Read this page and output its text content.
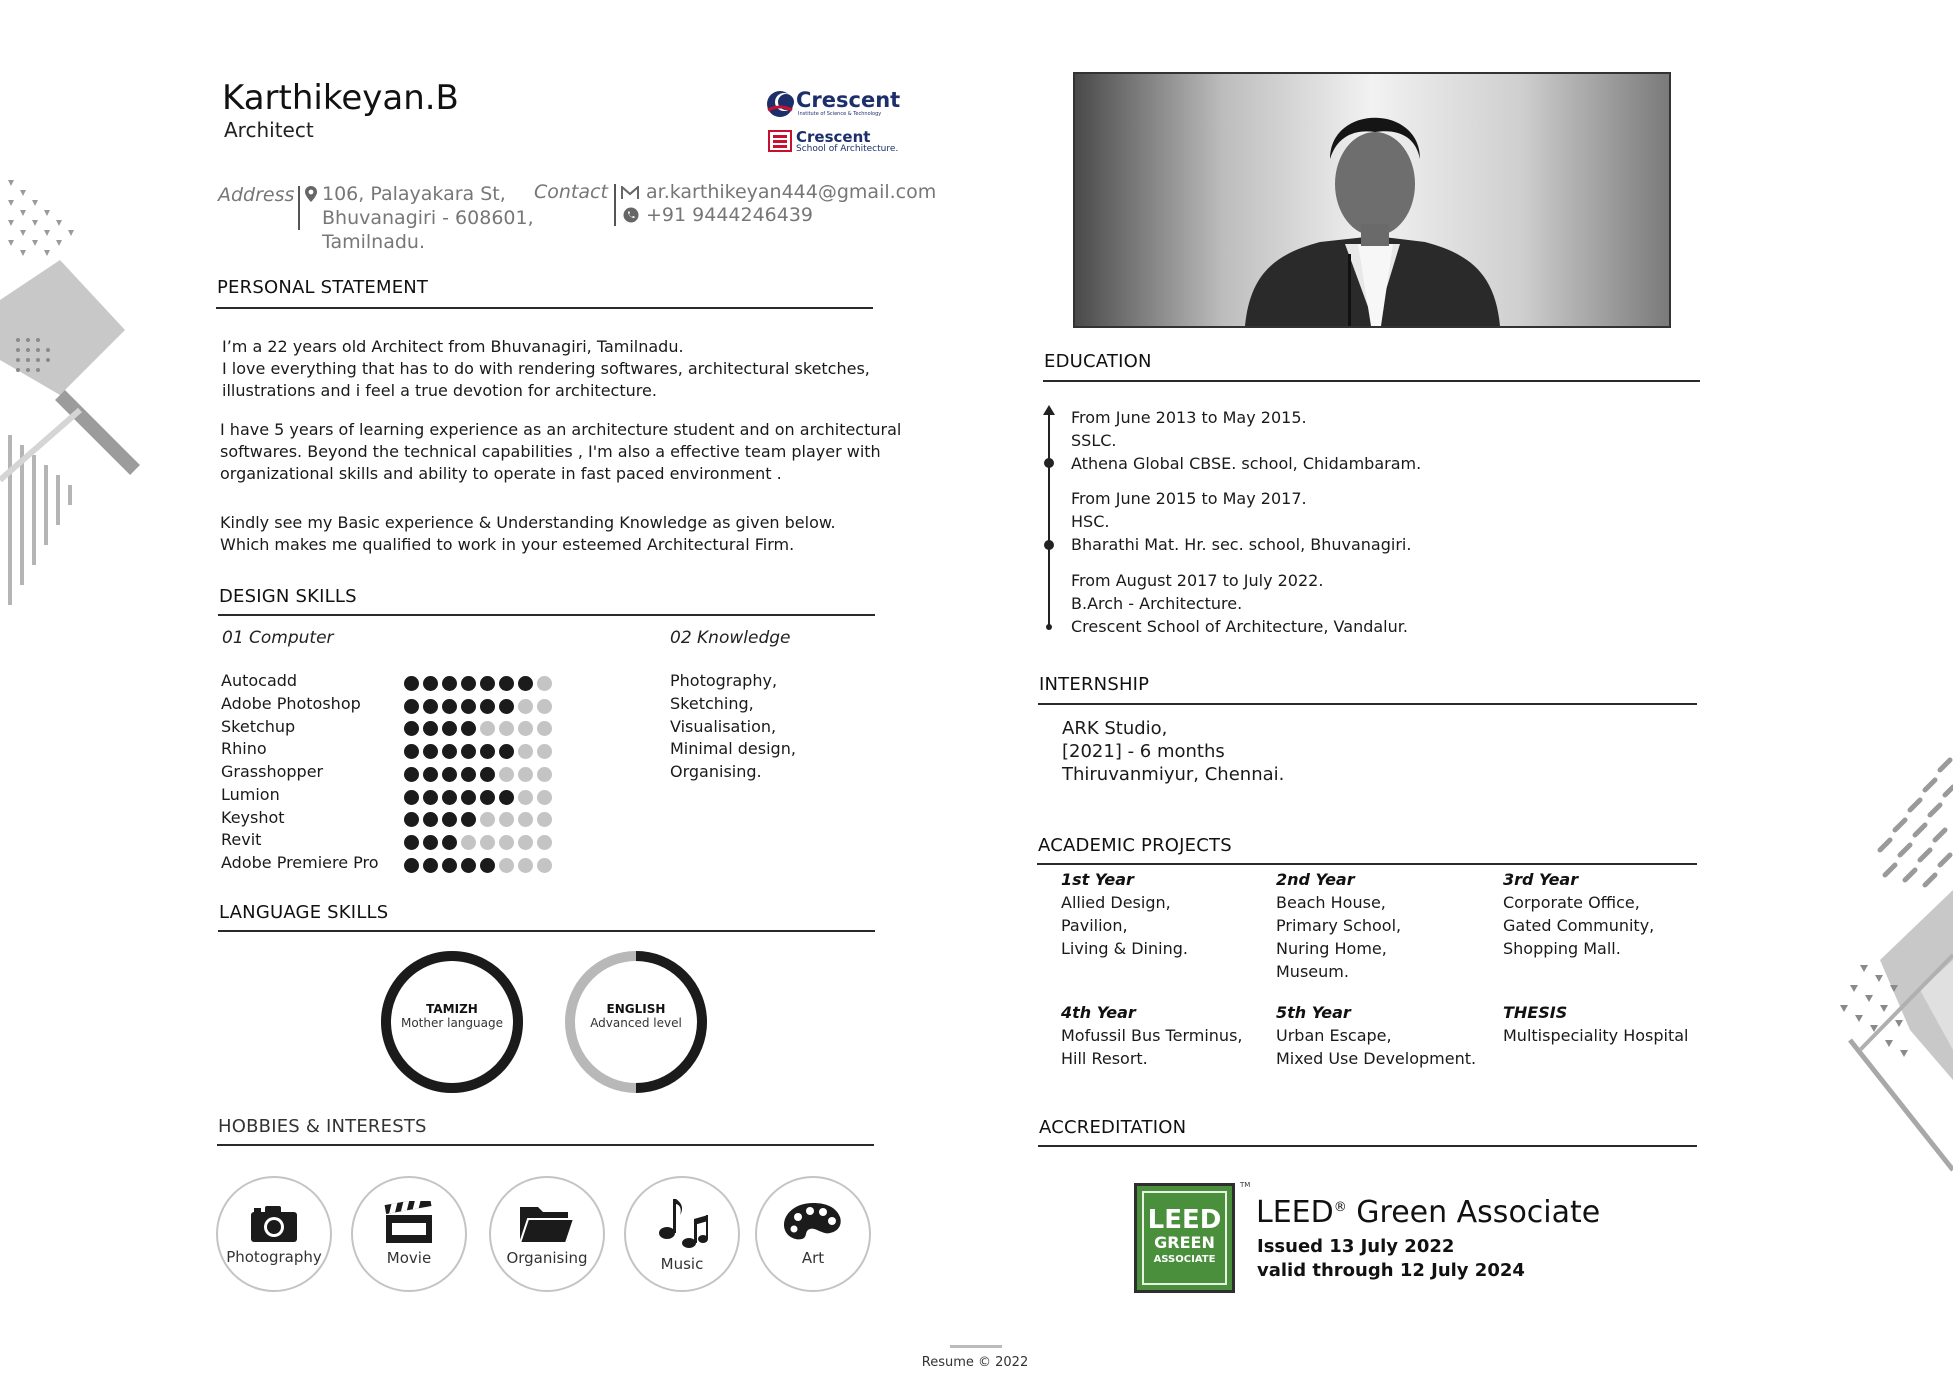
Karthikeyan.B
Architect
Crescent
Institute of Science & Technology
Crescent
School of Architecture.
Address 106, Palayakara St,
Bhuvanagiri - 608601,
Tamilnadu.
Contact ar.karthikeyan444@gmail.com
+91 9444246439
PERSONAL STATEMENT
I’m a 22 years old Architect from Bhuvanagiri, Tamilnadu.
I love everything that has to do with rendering softwares, architectural sketches,
illustrations and i feel a true devotion for architecture.
I have 5 years of learning experience as an architecture student and on architectural
softwares. Beyond the technical capabilities , I'm also a effective team player with
organizational skills and ability to operate in fast paced environment .
Kindly see my Basic experience & Understanding Knowledge as given below.
Which makes me qualified to work in your esteemed Architectural Firm.
DESIGN SKILLS
01 Computer	02 Knowledge
Autocadd
Adobe Photoshop
Sketchup
Rhino
Grasshopper
Lumion
Keyshot
Revit
Adobe Premiere Pro
Photography,
Sketching,
Visualisation,
Minimal design,
Organising.
LANGUAGE SKILLS
TAMIZH
Mother language
ENGLISH
Advanced level
HOBBIES & INTERESTS
Photography	Movie	Organising	Music	Art
EDUCATION
From June 2013 to May 2015.
SSLC.
Athena Global CBSE. school, Chidambaram.
From June 2015 to May 2017.
HSC.
Bharathi Mat. Hr. sec. school, Bhuvanagiri.
From August 2017 to July 2022.
B.Arch - Architecture.
Crescent School of Architecture, Vandalur.
INTERNSHIP
ARK Studio,
[2021] - 6 months
Thiruvanmiyur, Chennai.
ACADEMIC PROJECTS
1st Year
Allied Design,
Pavilion,
Living & Dining.
2nd Year
Beach House,
Primary School,
Nuring Home,
Museum.
3rd Year
Corporate Office,
Gated Community,
Shopping Mall.
4th Year
Mofussil Bus Terminus,
Hill Resort.
5th Year
Urban Escape,
Mixed Use Development.
THESIS
Multispeciality Hospital
ACCREDITATION
LEED
GREEN
ASSOCIATE
TM
LEED® Green Associate
Issued 13 July 2022
valid through 12 July 2024
Resume © 2022
